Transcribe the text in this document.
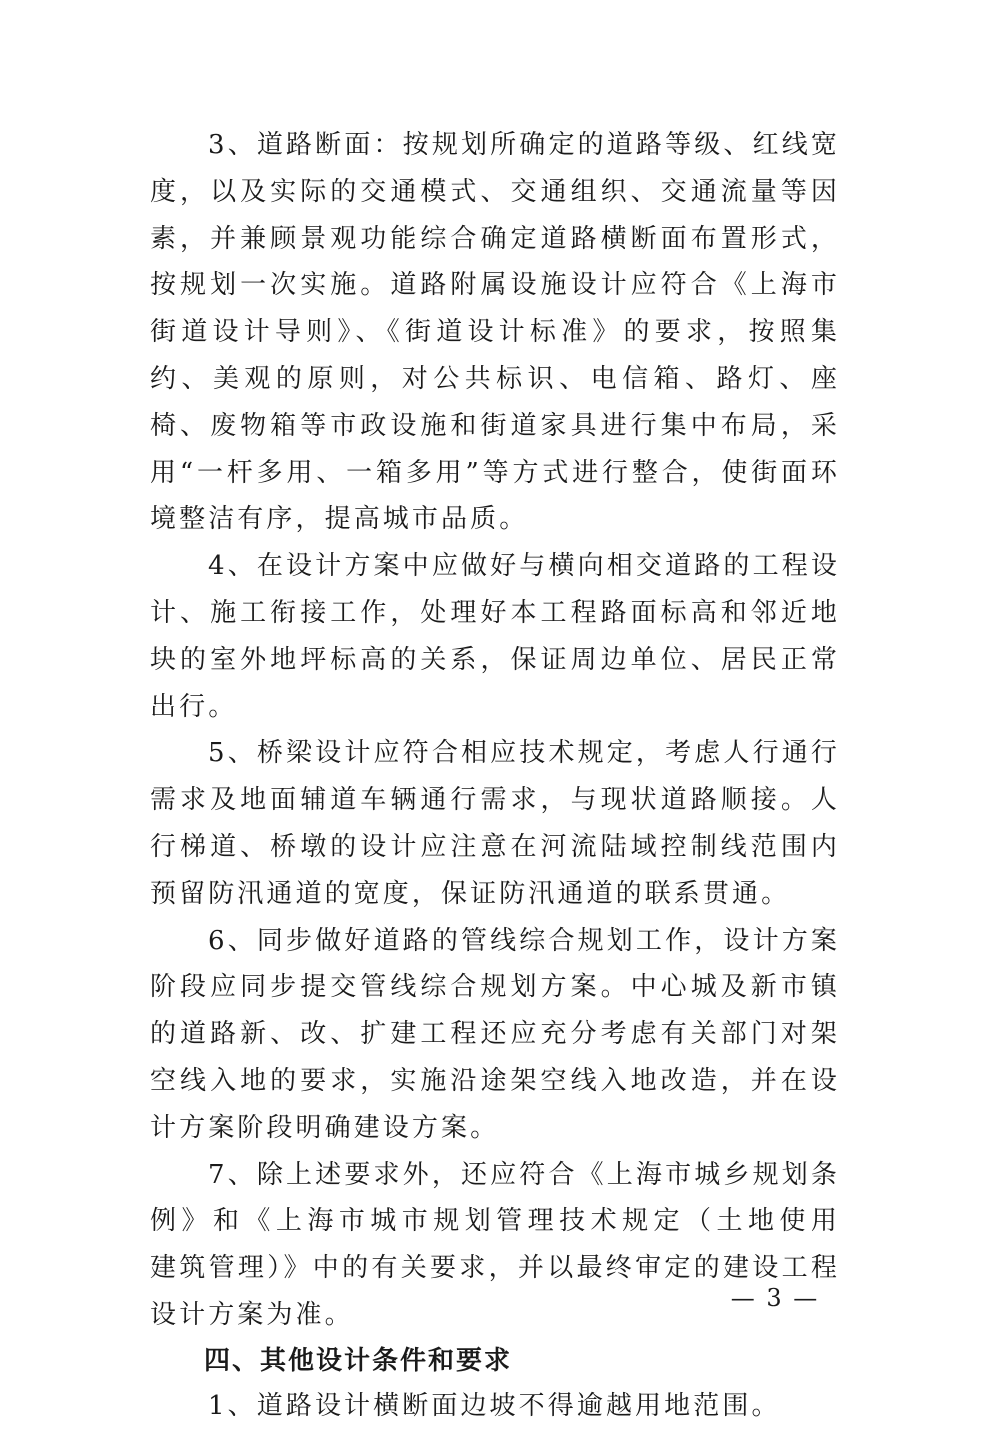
3、道路断面：按规划所确定的道路等级、红线宽度，以及实际的交通模式、交通组织、交通流量等因素，并兼顾景观功能综合确定道路横断面布置形式，按规划一次实施。道路附属设施设计应符合《上海市街道设计导则》、《街道设计标准》的要求，按照集约、美观的原则，对公共标识、电信箱、路灯、座椅、废物箱等市政设施和街道家具进行集中布局，采用“一杆多用、一箱多用”等方式进行整合，使街面环境整洁有序，提高城市品质。

4、在设计方案中应做好与横向相交道路的工程设计、施工衔接工作，处理好本工程路面标高和邻近地块的室外地坪标高的关系，保证周边单位、居民正常出行。

5、桥梁设计应符合相应技术规定，考虑人行通行需求及地面辅道车辆通行需求，与现状道路顺接。人行梯道、桥墩的设计应注意在河流陆域控制线范围内预留防汛通道的宽度，保证防汛通道的联系贯通。

6、同步做好道路的管线综合规划工作，设计方案阶段应同步提交管线综合规划方案。中心城及新市镇的道路新、改、扩建工程还应充分考虑有关部门对架空线入地的要求，实施沿途架空线入地改造，并在设计方案阶段明确建设方案。

7、除上述要求外，还应符合《上海市城乡规划条例》和《上海市城市规划管理技术规定（土地使用　建筑管理）》中的有关要求，并以最终审定的建设工程设计方案为准。

四、其他设计条件和要求

1、道路设计横断面边坡不得逾越用地范围。

— 3 —
